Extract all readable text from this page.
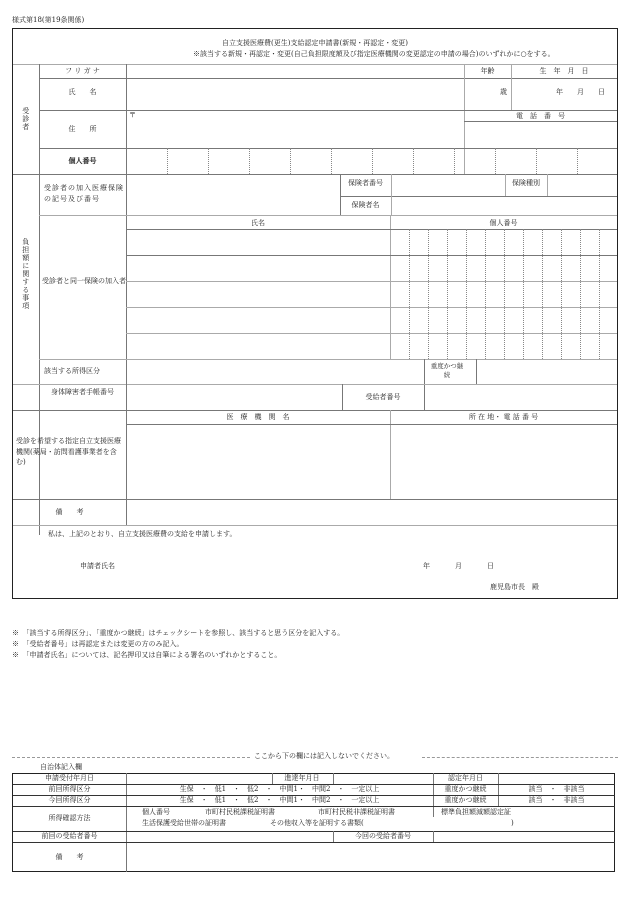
様式第18(第19条関係)
自立支援医療費(更生)支給認定申請書(新規・再認定・変更)
※該当する新規・再認定・変更(自己負担限度額及び指定医療機関の変更認定の申請の場合)のいずれかに○をする。
受診者
フ リ ガ ナ	年齢	生　年　月　日
氏　　名	歳	年　　月　　日
〒
住　　所
電　話　番　号
個人番号
負担額に関する事項
受診者の加入医療保険の記号及び番号
保険者番号	保険種別
保険者名
受診者と同一保険の加入者
氏名	個人番号
該当する所得区分
重度かつ継続
身体障害者手帳番号
受給者番号
受診を希望する指定自立支援医療機関(薬局・訪問看護事業者を含む)
医　療　機　関　名	所 在 地・ 電 話 番 号
備　　考
私は、上記のとおり、自立支援医療費の支給を申請します。
申請者氏名	年	月	日
鹿児島市長　殿
※　「該当する所得区分」、「重度かつ継続」はチェックシートを参照し、該当すると思う区分を記入する。
※　「受給者番号」は再認定または変更の方のみ記入。
※　「申請者氏名」については、記名押印又は自筆による署名のいずれかとすること。
ここから下の欄には記入しないでください。
自治体記入欄
申請受付年月日	進達年月日	認定年月日
前回所得区分	生保　・　低1　・　低2　・　中間1・　中間2　・　一定以上	重度かつ継続	該当　・　非該当
今回所得区分	生保　・　低1　・　低2　・　中間1・　中間2　・　一定以上	重度かつ継続	該当　・　非該当
所得確認方法
個人番号	市町村民税課税証明書	市町村民税非課税証明書	標準負担額減額認定証
生活保護受給世帯の証明書	その他収入等を証明する書類(	)
前回の受給者番号	今回の受給者番号
備　　考
